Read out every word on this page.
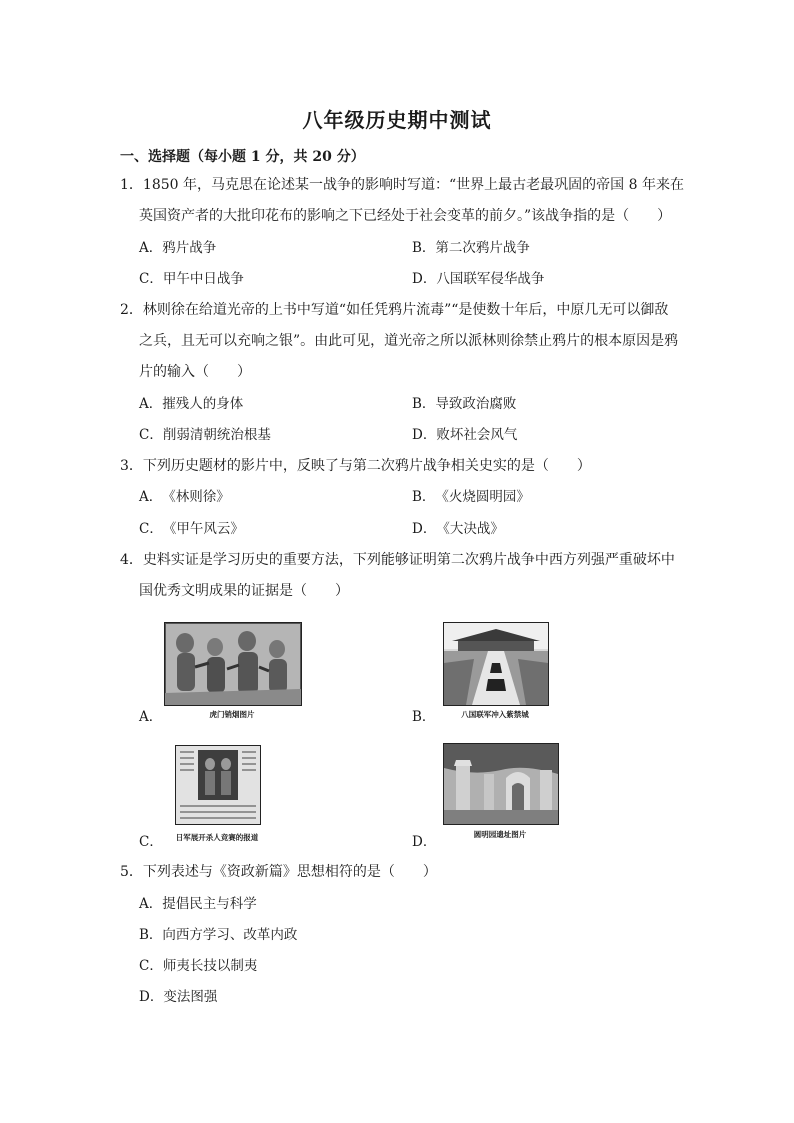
八年级历史期中测试
一、选择题（每小题 1 分，共 20 分）
1．1850 年，马克思在论述某一战争的影响时写道：“世界上最古老最巩固的帝国 8 年来在
英国资产者的大批印花布的影响之下已经处于社会变革的前夕。”该战争指的是（　　）
A．鸦片战争	B．第二次鸦片战争
C．甲午中日战争	D．八国联军侵华战争
2．林则徐在给道光帝的上书中写道“如任凭鸦片流毒”“是使数十年后，中原几无可以御敌
之兵，且无可以充响之银”。由此可见，道光帝之所以派林则徐禁止鸦片的根本原因是鸦
片的输入（　　）
A．摧残人的身体	B．导致政治腐败
C．削弱清朝统治根基	D．败坏社会风气
3．下列历史题材的影片中，反映了与第二次鸦片战争相关史实的是（　　）
A．《林则徐》	B．《火烧圆明园》
C．《甲午风云》	D．《大决战》
4．史料实证是学习历史的重要方法，下列能够证明第二次鸦片战争中西方列强严重破坏中
国优秀文明成果的证据是（　　）
A．	虎门销烟图片	B．	八国联军冲入紫禁城
C．	日军展开杀人竞赛的报道	D．	圆明园遗址图片
5．下列表述与《资政新篇》思想相符的是（　　）
A．提倡民主与科学
B．向西方学习、改革内政
C．师夷长技以制夷
D．变法图强
